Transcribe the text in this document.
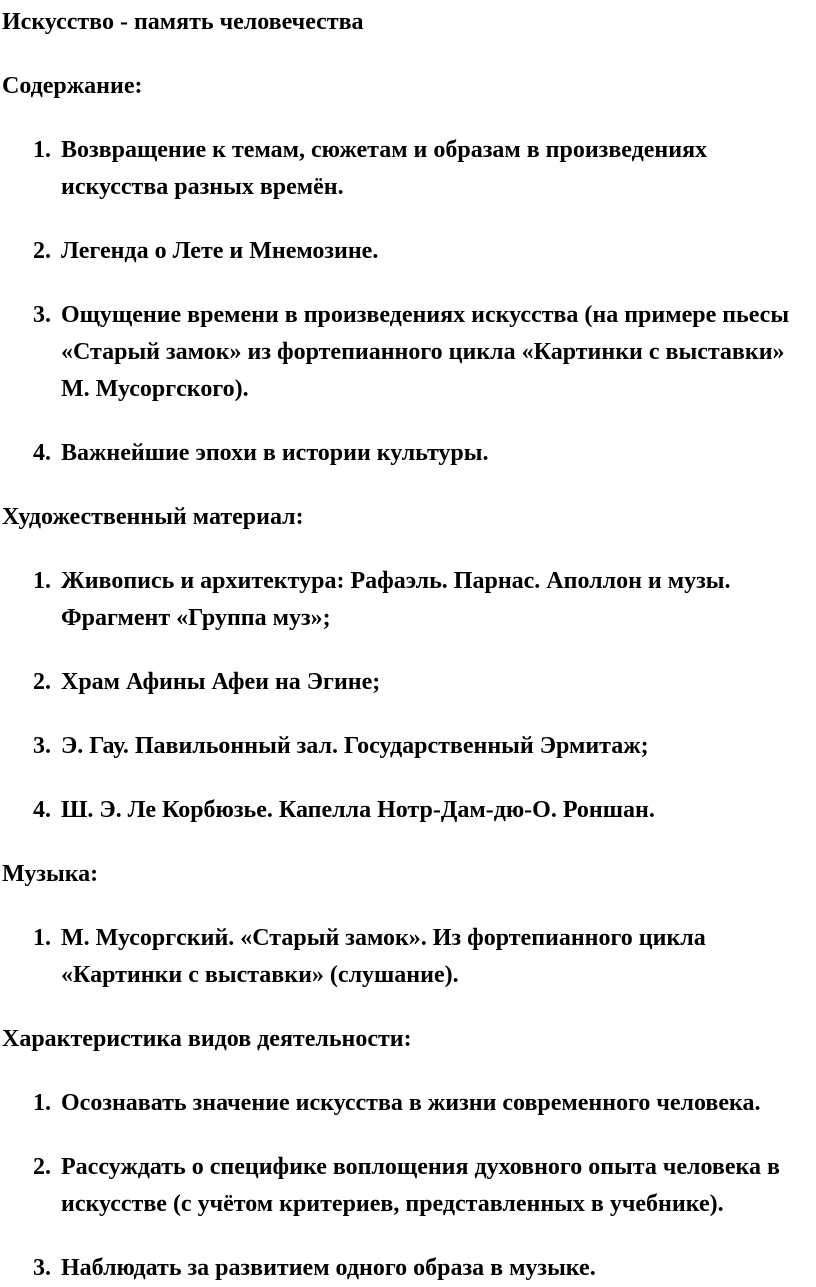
Искусство - память человечества
Содержание:
1. Возвращение к темам, сюжетам и образам в произведениях искусства разных времён.
2. Легенда о Лете и Мнемозине.
3. Ощущение времени в произведениях искусства (на примере пьесы «Старый замок» из фортепианного цикла «Картинки с выставки» М. Мусоргского).
4. Важнейшие эпохи в истории культуры.
Художественный материал:
1. Живопись и архитектура: Рафаэль. Парнас. Аполлон и музы. Фрагмент «Группа муз»;
2. Храм Афины Афеи на Эгине;
3. Э. Гау. Павильонный зал. Государственный Эрмитаж;
4. Ш. Э. Ле Корбюзье. Капелла Нотр-Дам-дю-О. Роншан.
Музыка:
1. М. Мусоргский. «Старый замок». Из фортепианного цикла «Картинки с выставки» (слушание).
Характеристика видов деятельности:
1. Осознавать значение искусства в жизни современного человека.
2. Рассуждать о специфике воплощения духовного опыта человека в искусстве (с учётом критериев, представленных в учебнике).
3. Наблюдать за развитием одного образа в музыке.
